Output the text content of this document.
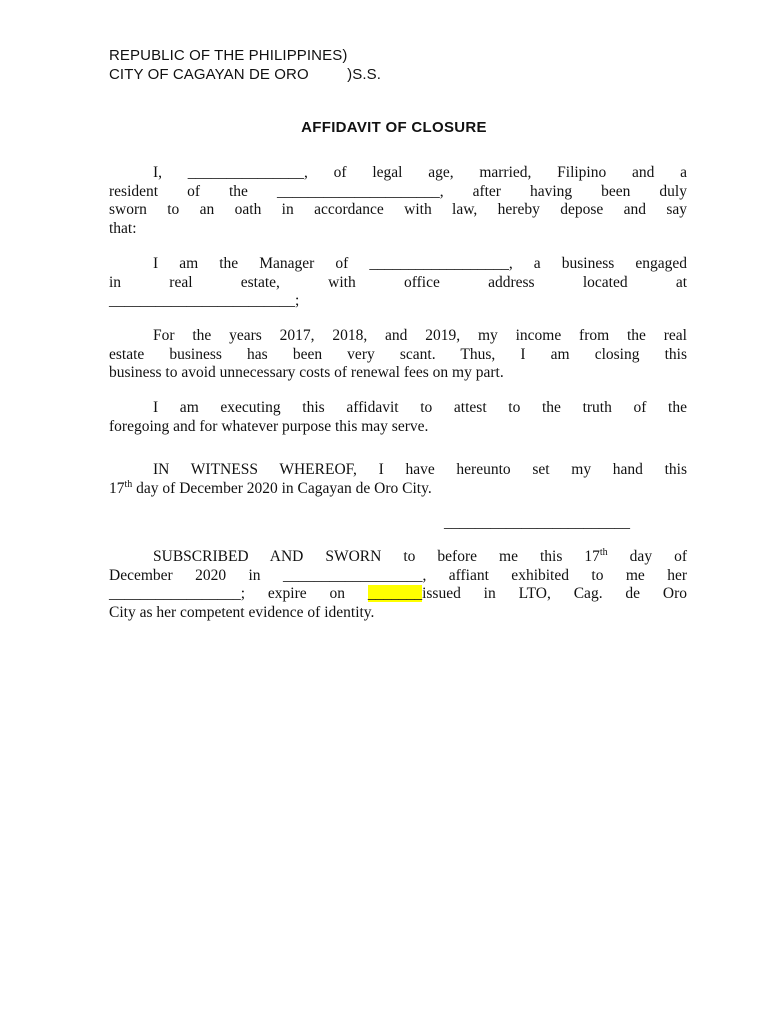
REPUBLIC OF THE PHILIPPINES)
CITY OF CAGAYAN DE ORO         )S.S.
AFFIDAVIT OF CLOSURE
I, _______________, of legal age, married, Filipino and a
resident of the _____________________, after having been duly
sworn to an oath in accordance with law, hereby depose and say
that:
I am the Manager of __________________, a business engaged
in real estate, with office address located at
________________________;
For the years 2017, 2018, and 2019, my income from the real
estate business has been very scant. Thus, I am closing this
business to avoid unnecessary costs of renewal fees on my part.
I am executing this affidavit to attest to the truth of the
foregoing and for whatever purpose this may serve.
IN WITNESS WHEREOF, I have hereunto set my hand this
17th day of December 2020 in Cagayan de Oro City.
________________________
SUBSCRIBED AND SWORN to before me this 17th day of
December 2020 in __________________, affiant exhibited to me her
_________________; expire on _______issued in LTO, Cag. de Oro
City as her competent evidence of identity.
